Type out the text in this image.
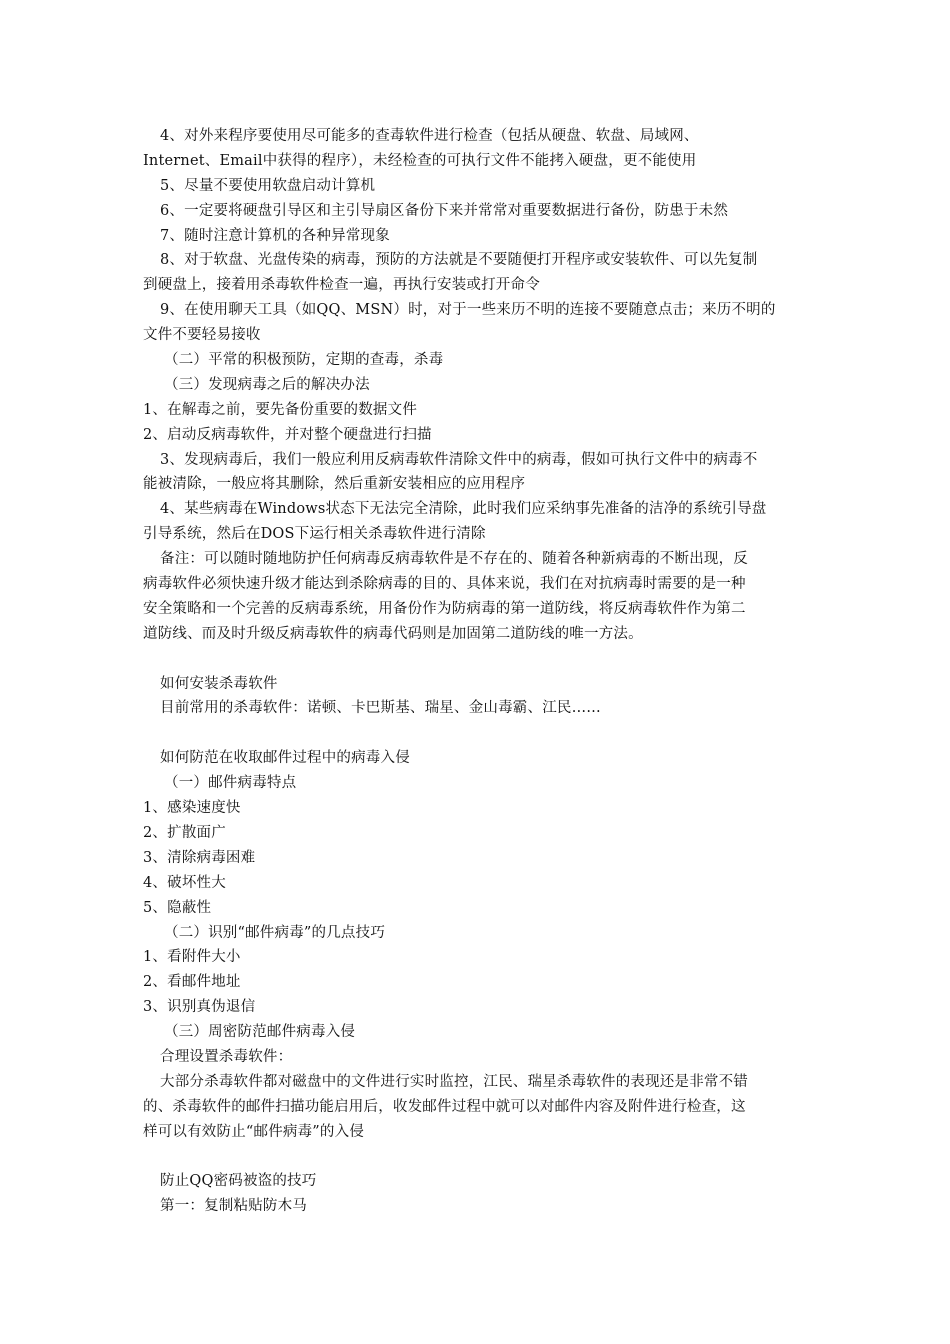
4、对外来程序要使用尽可能多的查毒软件进行检查（包括从硬盘、软盘、局域网、
Internet、Email中获得的程序），未经检查的可执行文件不能拷入硬盘，更不能使用
5、尽量不要使用软盘启动计算机
6、一定要将硬盘引导区和主引导扇区备份下来并常常对重要数据进行备份，防患于未然
7、随时注意计算机的各种异常现象
8、对于软盘、光盘传染的病毒，预防的方法就是不要随便打开程序或安装软件、可以先复制
到硬盘上，接着用杀毒软件检查一遍，再执行安装或打开命令
9、在使用聊天工具（如QQ、MSN）时，对于一些来历不明的连接不要随意点击；来历不明的
文件不要轻易接收
（二）平常的积极预防，定期的查毒，杀毒
（三）发现病毒之后的解决办法
1、在解毒之前，要先备份重要的数据文件
2、启动反病毒软件，并对整个硬盘进行扫描
3、发现病毒后，我们一般应利用反病毒软件清除文件中的病毒，假如可执行文件中的病毒不
能被清除，一般应将其删除，然后重新安装相应的应用程序
4、某些病毒在Windows状态下无法完全清除，此时我们应采纳事先准备的洁净的系统引导盘
引导系统，然后在DOS下运行相关杀毒软件进行清除
备注：可以随时随地防护任何病毒反病毒软件是不存在的、随着各种新病毒的不断出现，反
病毒软件必须快速升级才能达到杀除病毒的目的、具体来说，我们在对抗病毒时需要的是一种
安全策略和一个完善的反病毒系统，用备份作为防病毒的第一道防线，将反病毒软件作为第二
道防线、而及时升级反病毒软件的病毒代码则是加固第二道防线的唯一方法。
如何安装杀毒软件
目前常用的杀毒软件：诺顿、卡巴斯基、瑞星、金山毒霸、江民……
如何防范在收取邮件过程中的病毒入侵
（一）邮件病毒特点
1、感染速度快
2、扩散面广
3、清除病毒困难
4、破坏性大
5、隐蔽性
（二）识别“邮件病毒”的几点技巧
1、看附件大小
2、看邮件地址
3、识别真伪退信
（三）周密防范邮件病毒入侵
合理设置杀毒软件：
大部分杀毒软件都对磁盘中的文件进行实时监控，江民、瑞星杀毒软件的表现还是非常不错
的、杀毒软件的邮件扫描功能启用后，收发邮件过程中就可以对邮件内容及附件进行检查，这
样可以有效防止“邮件病毒”的入侵
防止QQ密码被盗的技巧
第一：复制粘贴防木马
